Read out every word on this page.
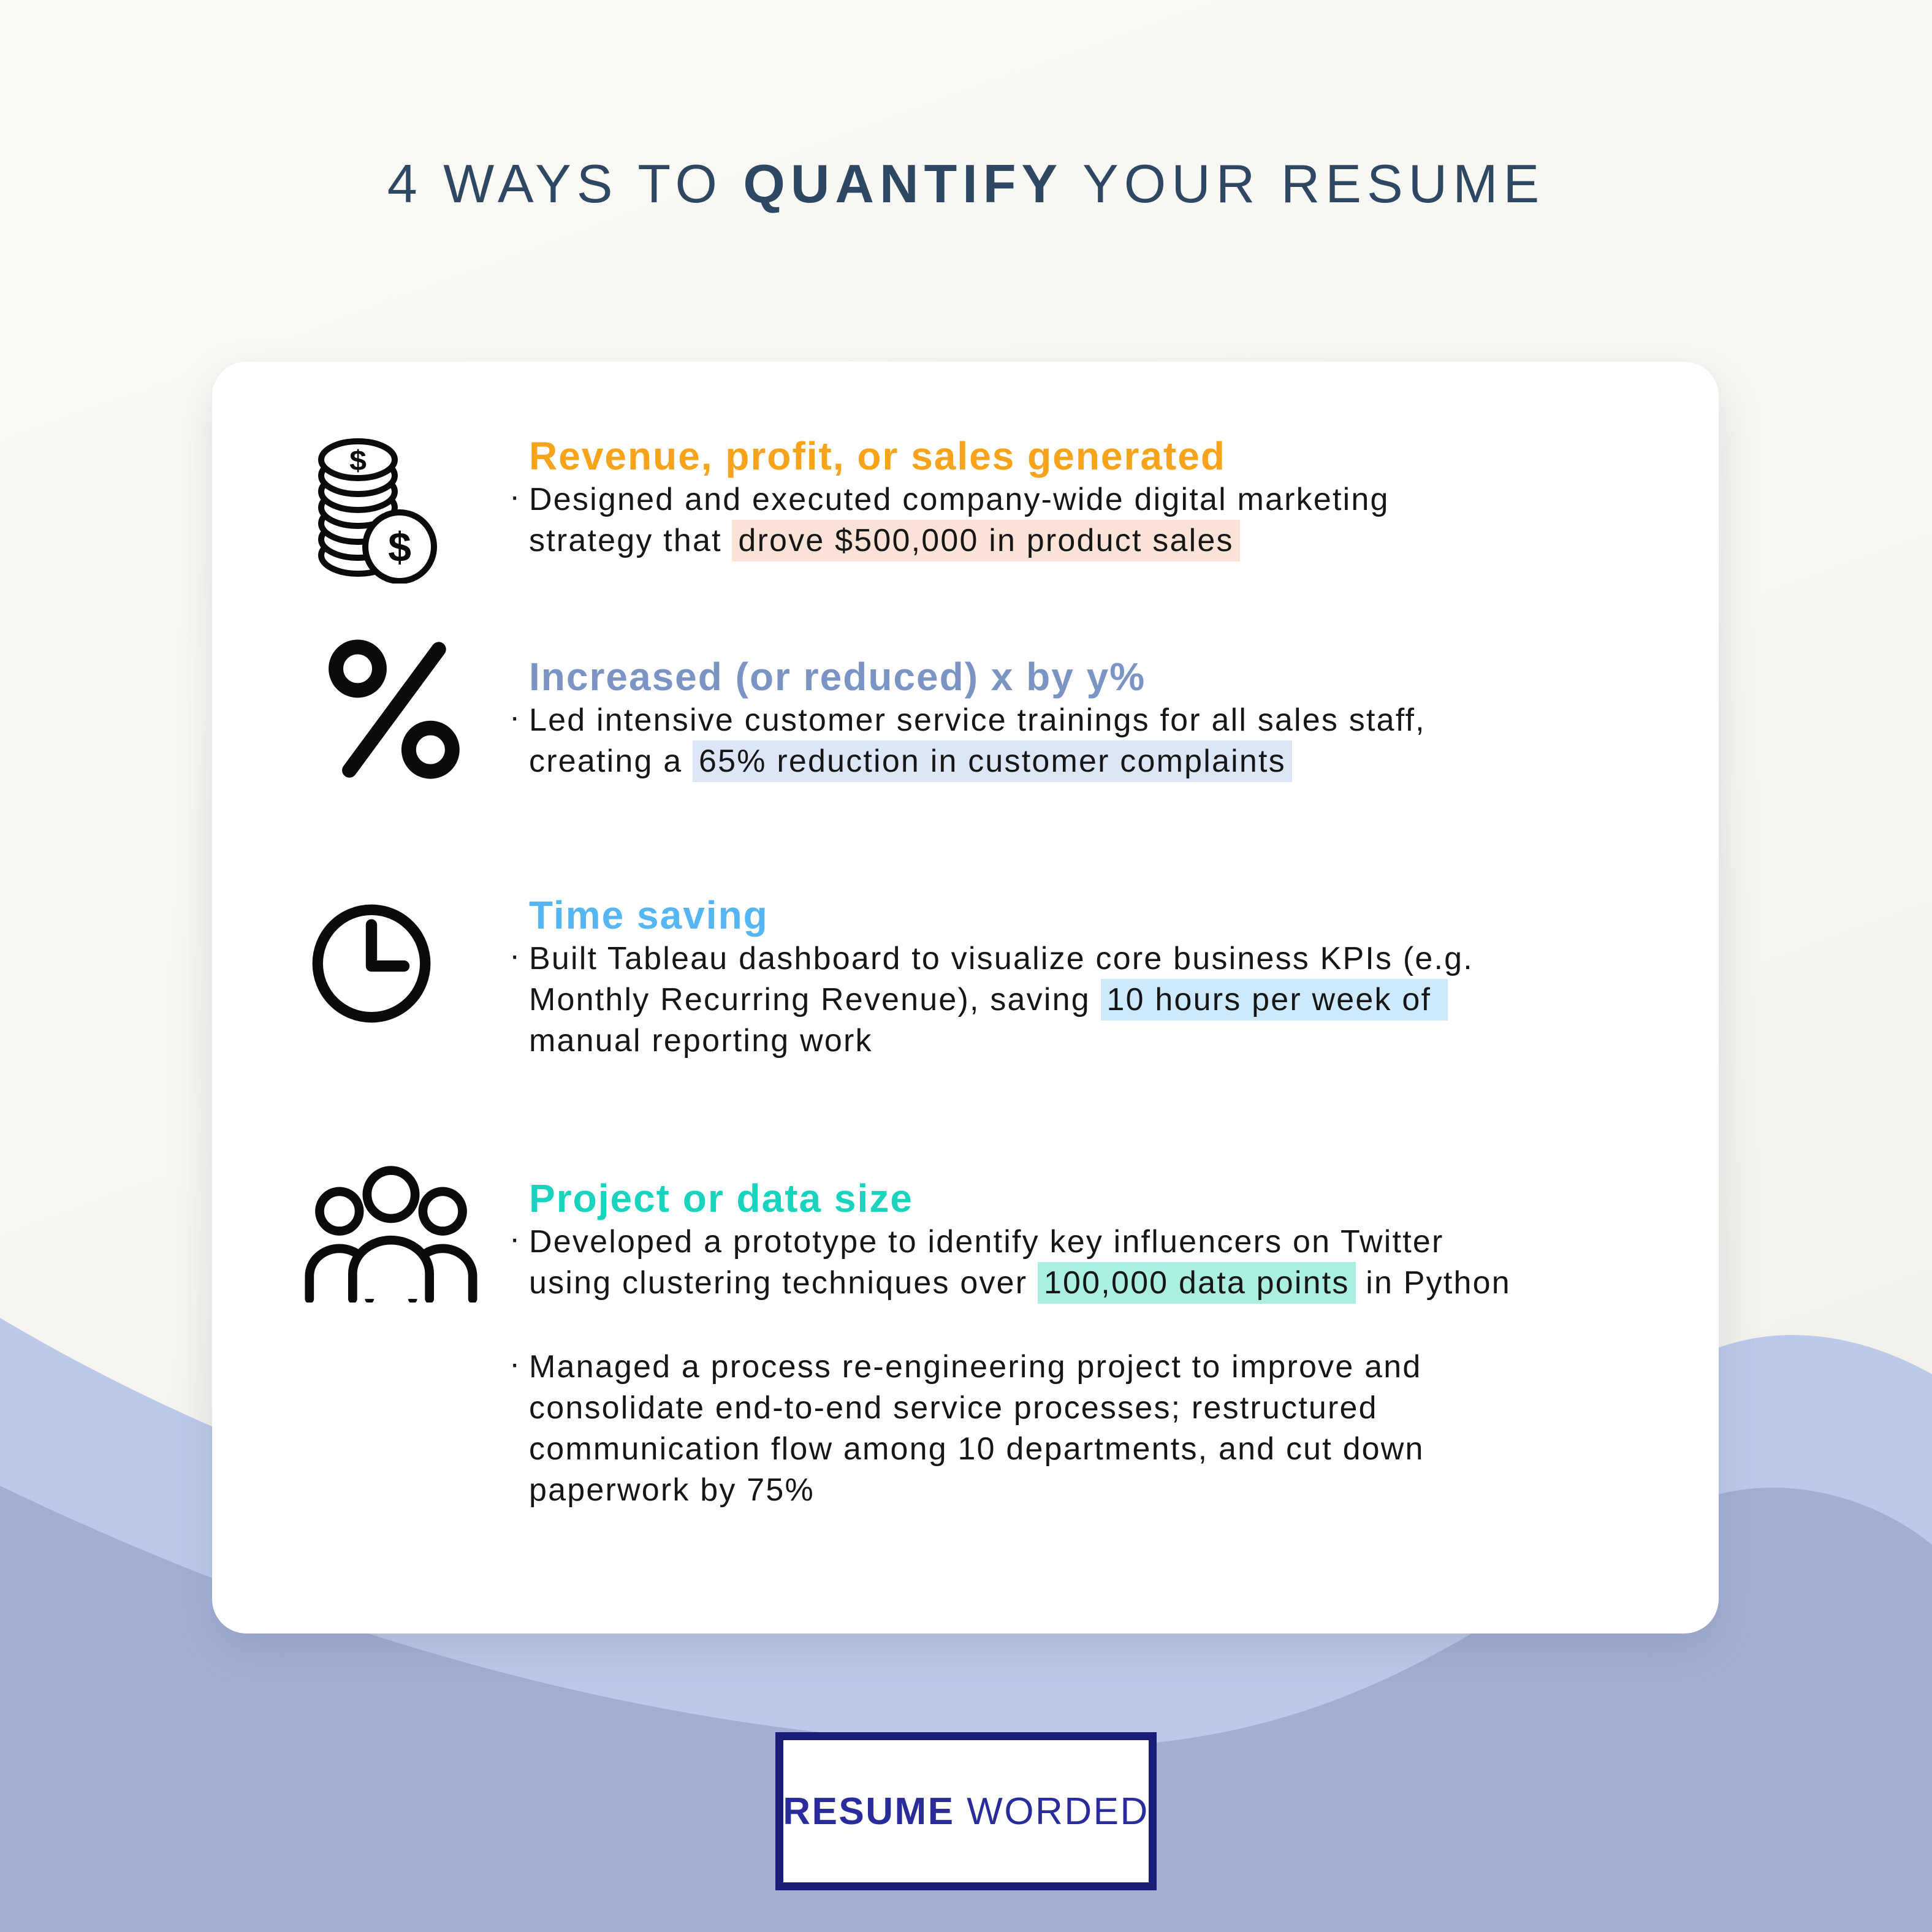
4 WAYS TO QUANTIFY YOUR RESUME
$
$
Revenue, profit, or sales generated
· Designed and executed company-wide digital marketing
strategy that drove $500,000 in product sales
Increased (or reduced) x by y%
· Led intensive customer service trainings for all sales staff,
creating a 65% reduction in customer complaints
Time saving
· Built Tableau dashboard to visualize core business KPIs (e.g.
Monthly Recurring Revenue), saving 10 hours per week of
manual reporting work
Project or data size
· Developed a prototype to identify key influencers on Twitter
using clustering techniques over 100,000 data points in Python
· Managed a process re-engineering project to improve and
consolidate end-to-end service processes; restructured
communication flow among 10 departments, and cut down
paperwork by 75%
RESUME WORDED
